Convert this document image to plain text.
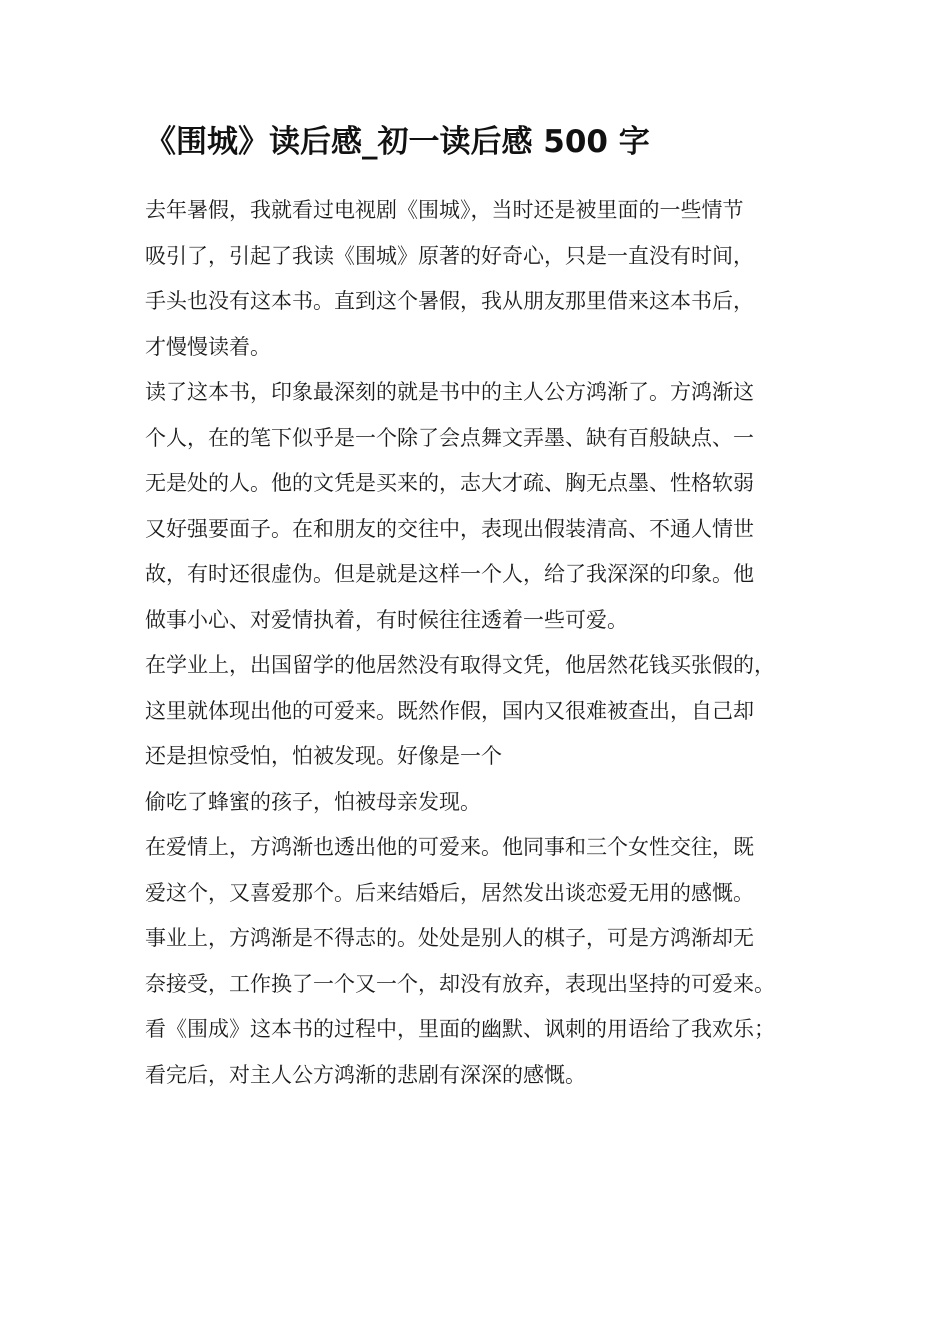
《围城》读后感_初一读后感 500 字
去年暑假，我就看过电视剧《围城》，当时还是被里面的一些情节
吸引了，引起了我读《围城》原著的好奇心，只是一直没有时间，
手头也没有这本书。直到这个暑假，我从朋友那里借来这本书后，
才慢慢读着。
读了这本书，印象最深刻的就是书中的主人公方鸿渐了。方鸿渐这
个人，在的笔下似乎是一个除了会点舞文弄墨、缺有百般缺点、一
无是处的人。他的文凭是买来的，志大才疏、胸无点墨、性格软弱
又好强要面子。在和朋友的交往中，表现出假装清高、不通人情世
故，有时还很虚伪。但是就是这样一个人，给了我深深的印象。他
做事小心、对爱情执着，有时候往往透着一些可爱。
在学业上，出国留学的他居然没有取得文凭，他居然花钱买张假的，
这里就体现出他的可爱来。既然作假，国内又很难被查出，自己却
还是担惊受怕，怕被发现。好像是一个
偷吃了蜂蜜的孩子，怕被母亲发现。
在爱情上，方鸿渐也透出他的可爱来。他同事和三个女性交往，既
爱这个，又喜爱那个。后来结婚后，居然发出谈恋爱无用的感慨。
事业上，方鸿渐是不得志的。处处是别人的棋子，可是方鸿渐却无
奈接受，工作换了一个又一个，却没有放弃，表现出坚持的可爱来。
看《围成》这本书的过程中，里面的幽默、讽刺的用语给了我欢乐；
看完后，对主人公方鸿渐的悲剧有深深的感慨。
